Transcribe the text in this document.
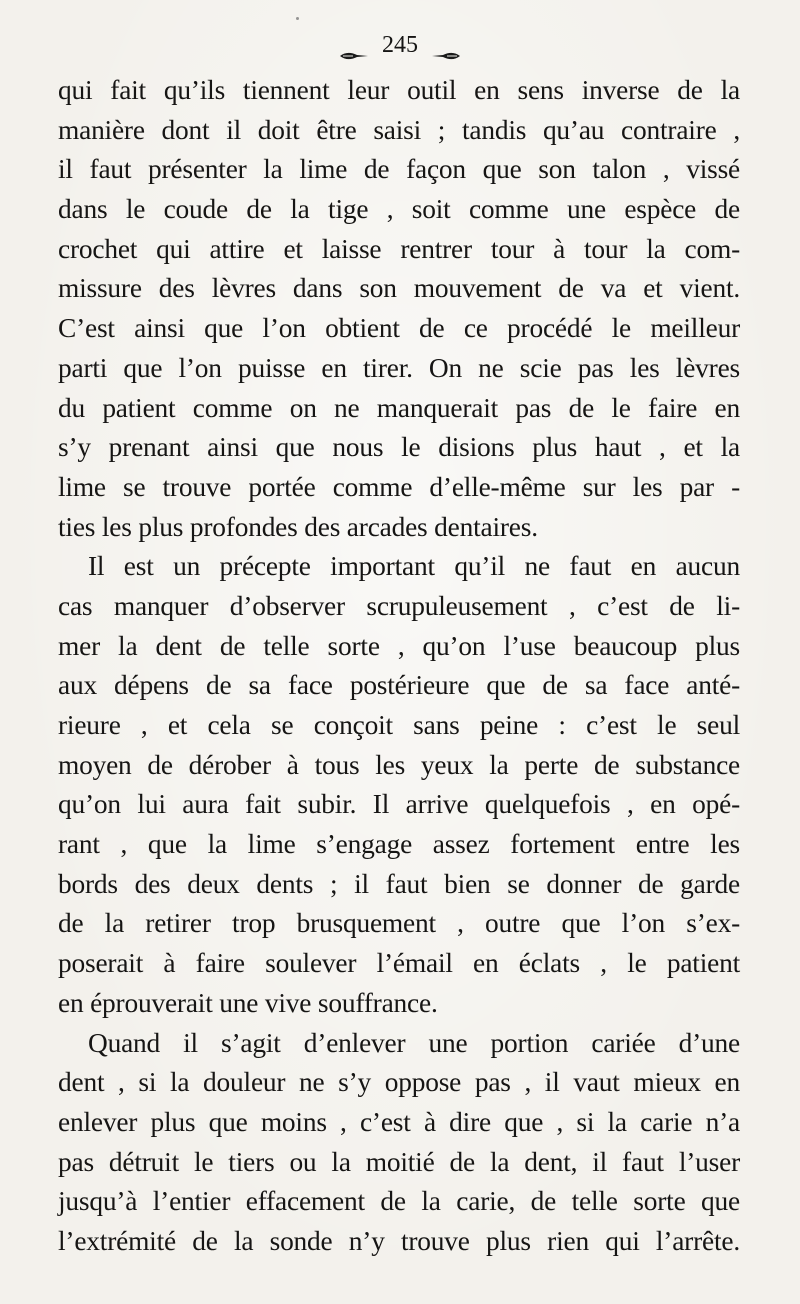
245
qui fait qu’ils tiennent leur outil en sens inverse de la
manière dont il doit être saisi ; tandis qu’au contraire ,
il faut présenter la lime de façon que son talon , vissé
dans le coude de la tige , soit comme une espèce de
crochet qui attire et laisse rentrer tour à tour la com-
missure des lèvres dans son mouvement de va et vient.
C’est ainsi que l’on obtient de ce procédé le meilleur
parti que l’on puisse en tirer. On ne scie pas les lèvres
du patient comme on ne manquerait pas de le faire en
s’y prenant ainsi que nous le disions plus haut , et la
lime se trouve portée comme d’elle-même sur les par -
ties les plus profondes des arcades dentaires.
Il est un précepte important qu’il ne faut en aucun
cas manquer d’observer scrupuleusement , c’est de li-
mer la dent de telle sorte , qu’on l’use beaucoup plus
aux dépens de sa face postérieure que de sa face anté-
rieure , et cela se conçoit sans peine : c’est le seul
moyen de dérober à tous les yeux la perte de substance
qu’on lui aura fait subir. Il arrive quelquefois , en opé-
rant , que la lime s’engage assez fortement entre les
bords des deux dents ; il faut bien se donner de garde
de la retirer trop brusquement , outre que l’on s’ex-
poserait à faire soulever l’émail en éclats , le patient
en éprouverait une vive souffrance.
Quand il s’agit d’enlever une portion cariée d’une
dent , si la douleur ne s’y oppose pas , il vaut mieux en
enlever plus que moins , c’est à dire que , si la carie n’a
pas détruit le tiers ou la moitié de la dent, il faut l’user
jusqu’à l’entier effacement de la carie, de telle sorte que
l’extrémité de la sonde n’y trouve plus rien qui l’arrête.
